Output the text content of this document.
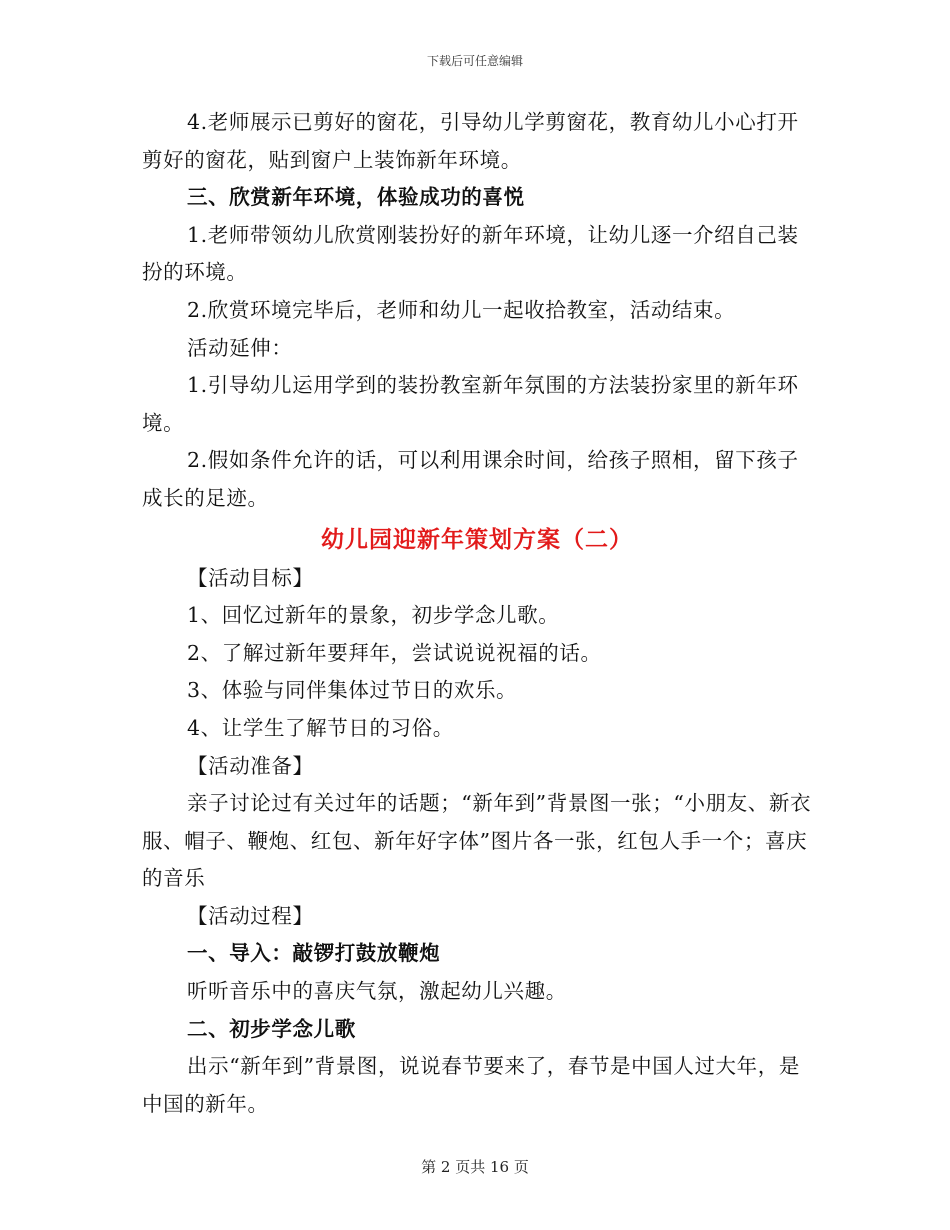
下载后可任意编辑

4.老师展示已剪好的窗花，引导幼儿学剪窗花，教育幼儿小心打开剪好的窗花，贴到窗户上装饰新年环境。

三、欣赏新年环境，体验成功的喜悦

1.老师带领幼儿欣赏刚装扮好的新年环境，让幼儿逐一介绍自己装扮的环境。

2.欣赏环境完毕后，老师和幼儿一起收拾教室，活动结束。

活动延伸：

1.引导幼儿运用学到的装扮教室新年氛围的方法装扮家里的新年环境。

2.假如条件允许的话，可以利用课余时间，给孩子照相，留下孩子成长的足迹。

幼儿园迎新年策划方案（二）

【活动目标】

1、回忆过新年的景象，初步学念儿歌。

2、了解过新年要拜年，尝试说说祝福的话。

3、体验与同伴集体过节日的欢乐。

4、让学生了解节日的习俗。

【活动准备】

亲子讨论过有关过年的话题；“新年到”背景图一张；“小朋友、新衣服、帽子、鞭炮、红包、新年好字体”图片各一张，红包人手一个；喜庆的音乐

【活动过程】

一、导入：敲锣打鼓放鞭炮

听听音乐中的喜庆气氛，激起幼儿兴趣。

二、初步学念儿歌

出示“新年到”背景图，说说春节要来了，春节是中国人过大年，是中国的新年。

第 2 页共 16 页
